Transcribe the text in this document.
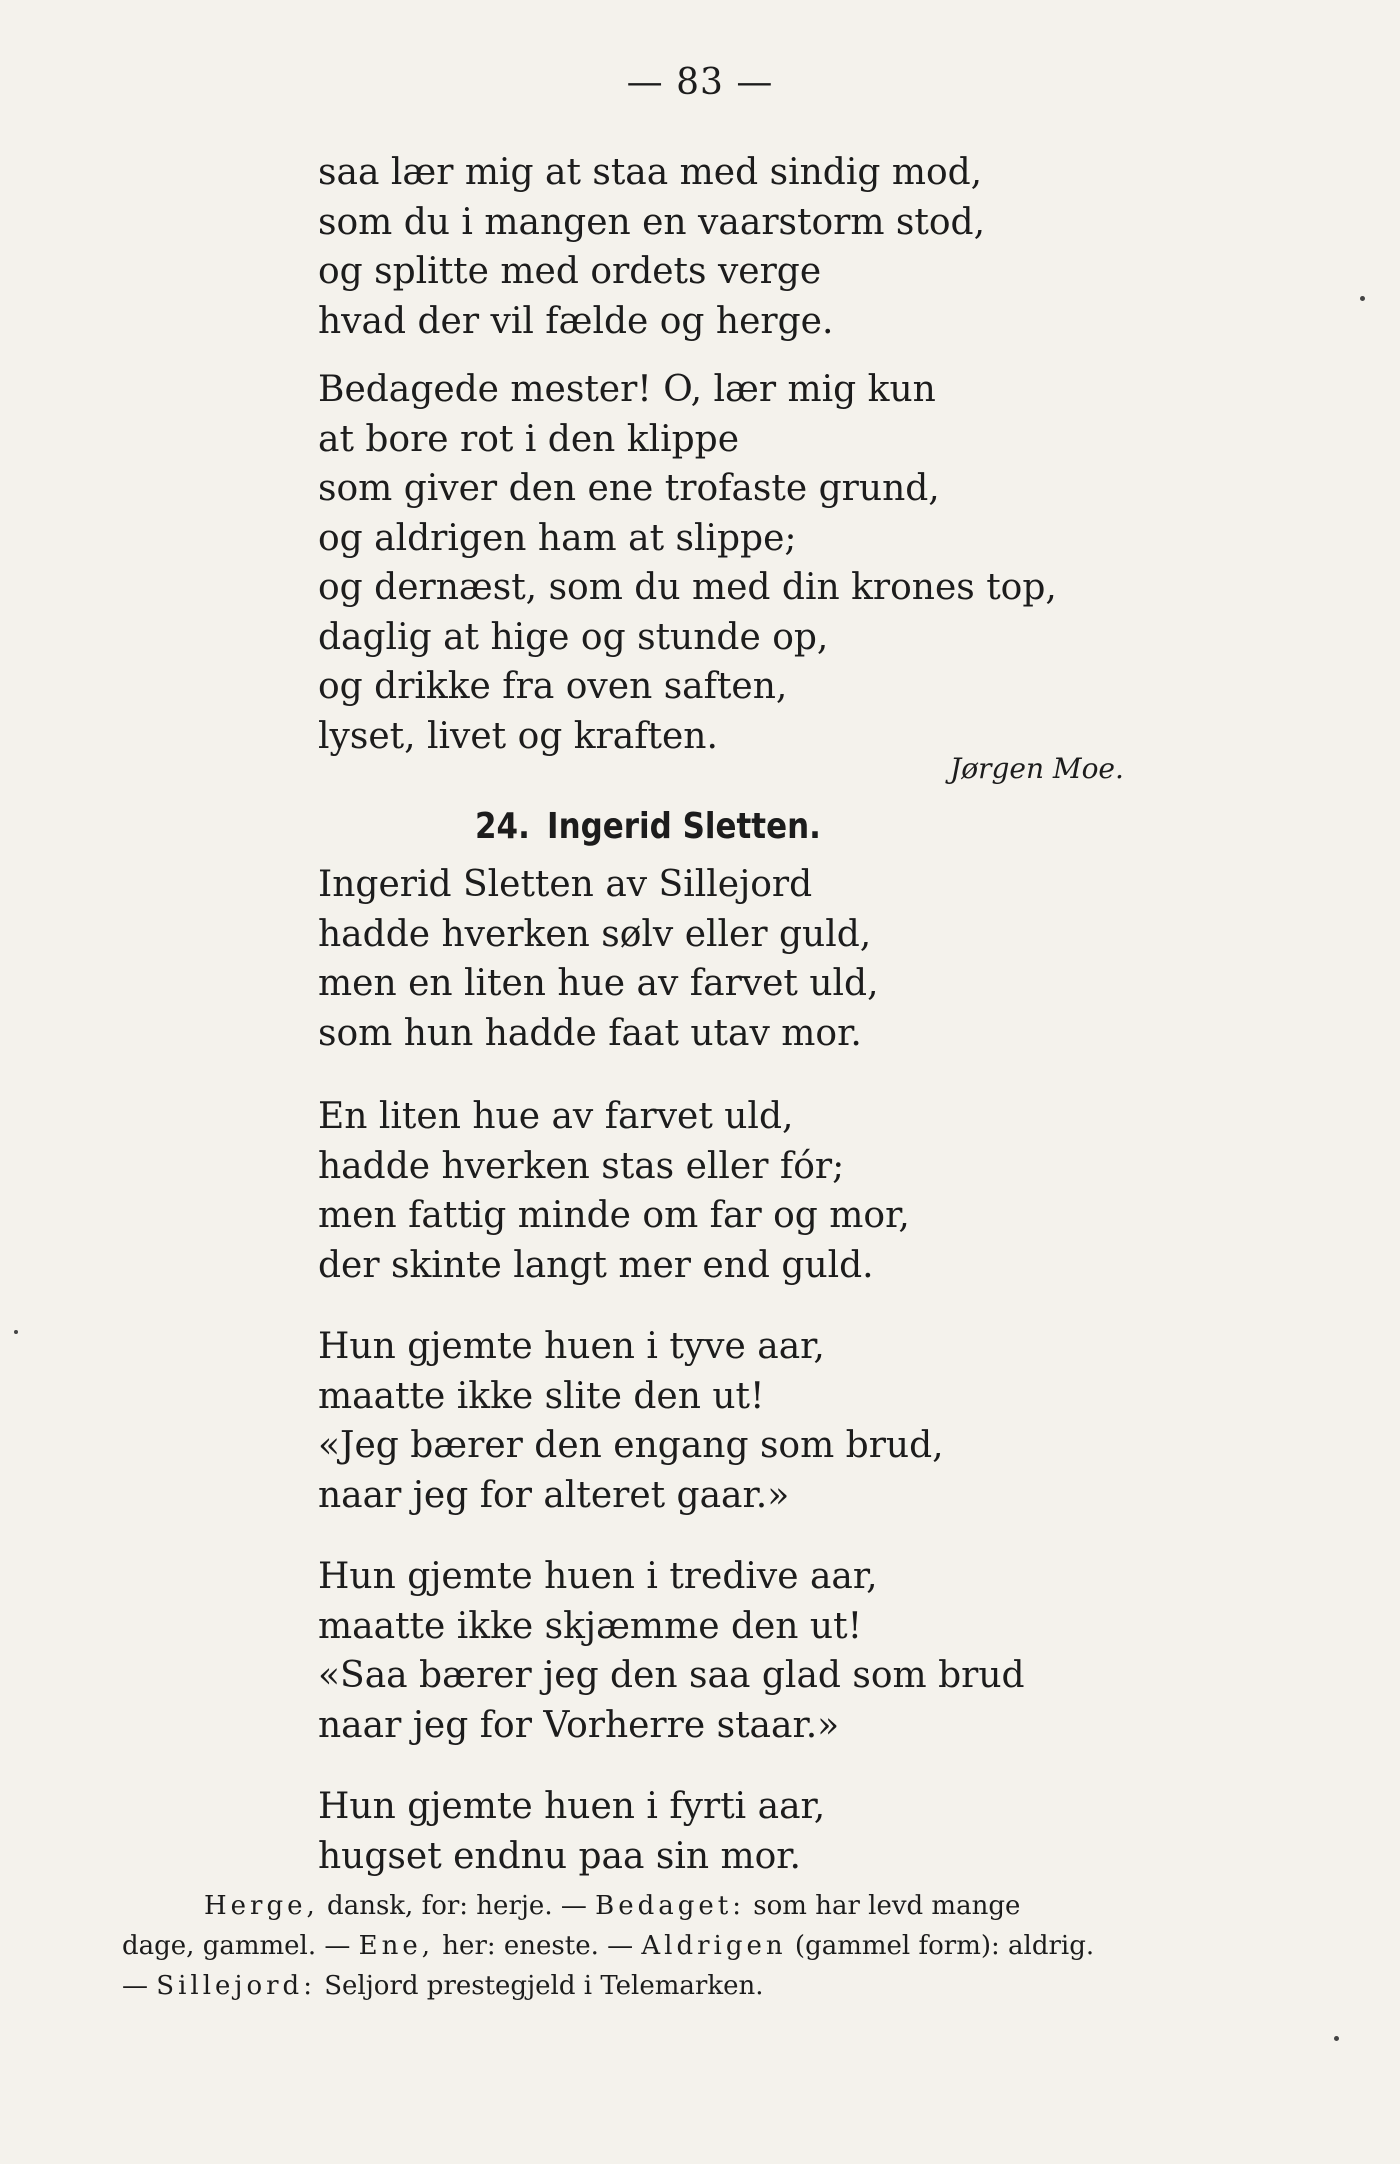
— 83 —
saa lær mig at staa med sindig mod,
som du i mangen en vaarstorm stod,
og splitte med ordets verge
hvad der vil fælde og herge.
Bedagede mester! O, lær mig kun
at bore rot i den klippe
som giver den ene trofaste grund,
og aldrigen ham at slippe;
og dernæst, som du med din krones top,
daglig at hige og stunde op,
og drikke fra oven saften,
lyset, livet og kraften.
Jørgen Moe.
24. Ingerid Sletten.
Ingerid Sletten av Sillejord
hadde hverken sølv eller guld,
men en liten hue av farvet uld,
som hun hadde faat utav mor.
En liten hue av farvet uld,
hadde hverken stas eller fór;
men fattig minde om far og mor,
der skinte langt mer end guld.
Hun gjemte huen i tyve aar,
maatte ikke slite den ut!
«Jeg bærer den engang som brud,
naar jeg for alteret gaar.»
Hun gjemte huen i tredive aar,
maatte ikke skjæmme den ut!
«Saa bærer jeg den saa glad som brud
naar jeg for Vorherre staar.»
Hun gjemte huen i fyrti aar,
hugset endnu paa sin mor.
Herge, dansk, for: herje. — Bedaget: som har levd mange
dage, gammel. — Ene, her: eneste. — Aldrigen (gammel form): aldrig.
— Sillejord: Seljord prestegjeld i Telemarken.
